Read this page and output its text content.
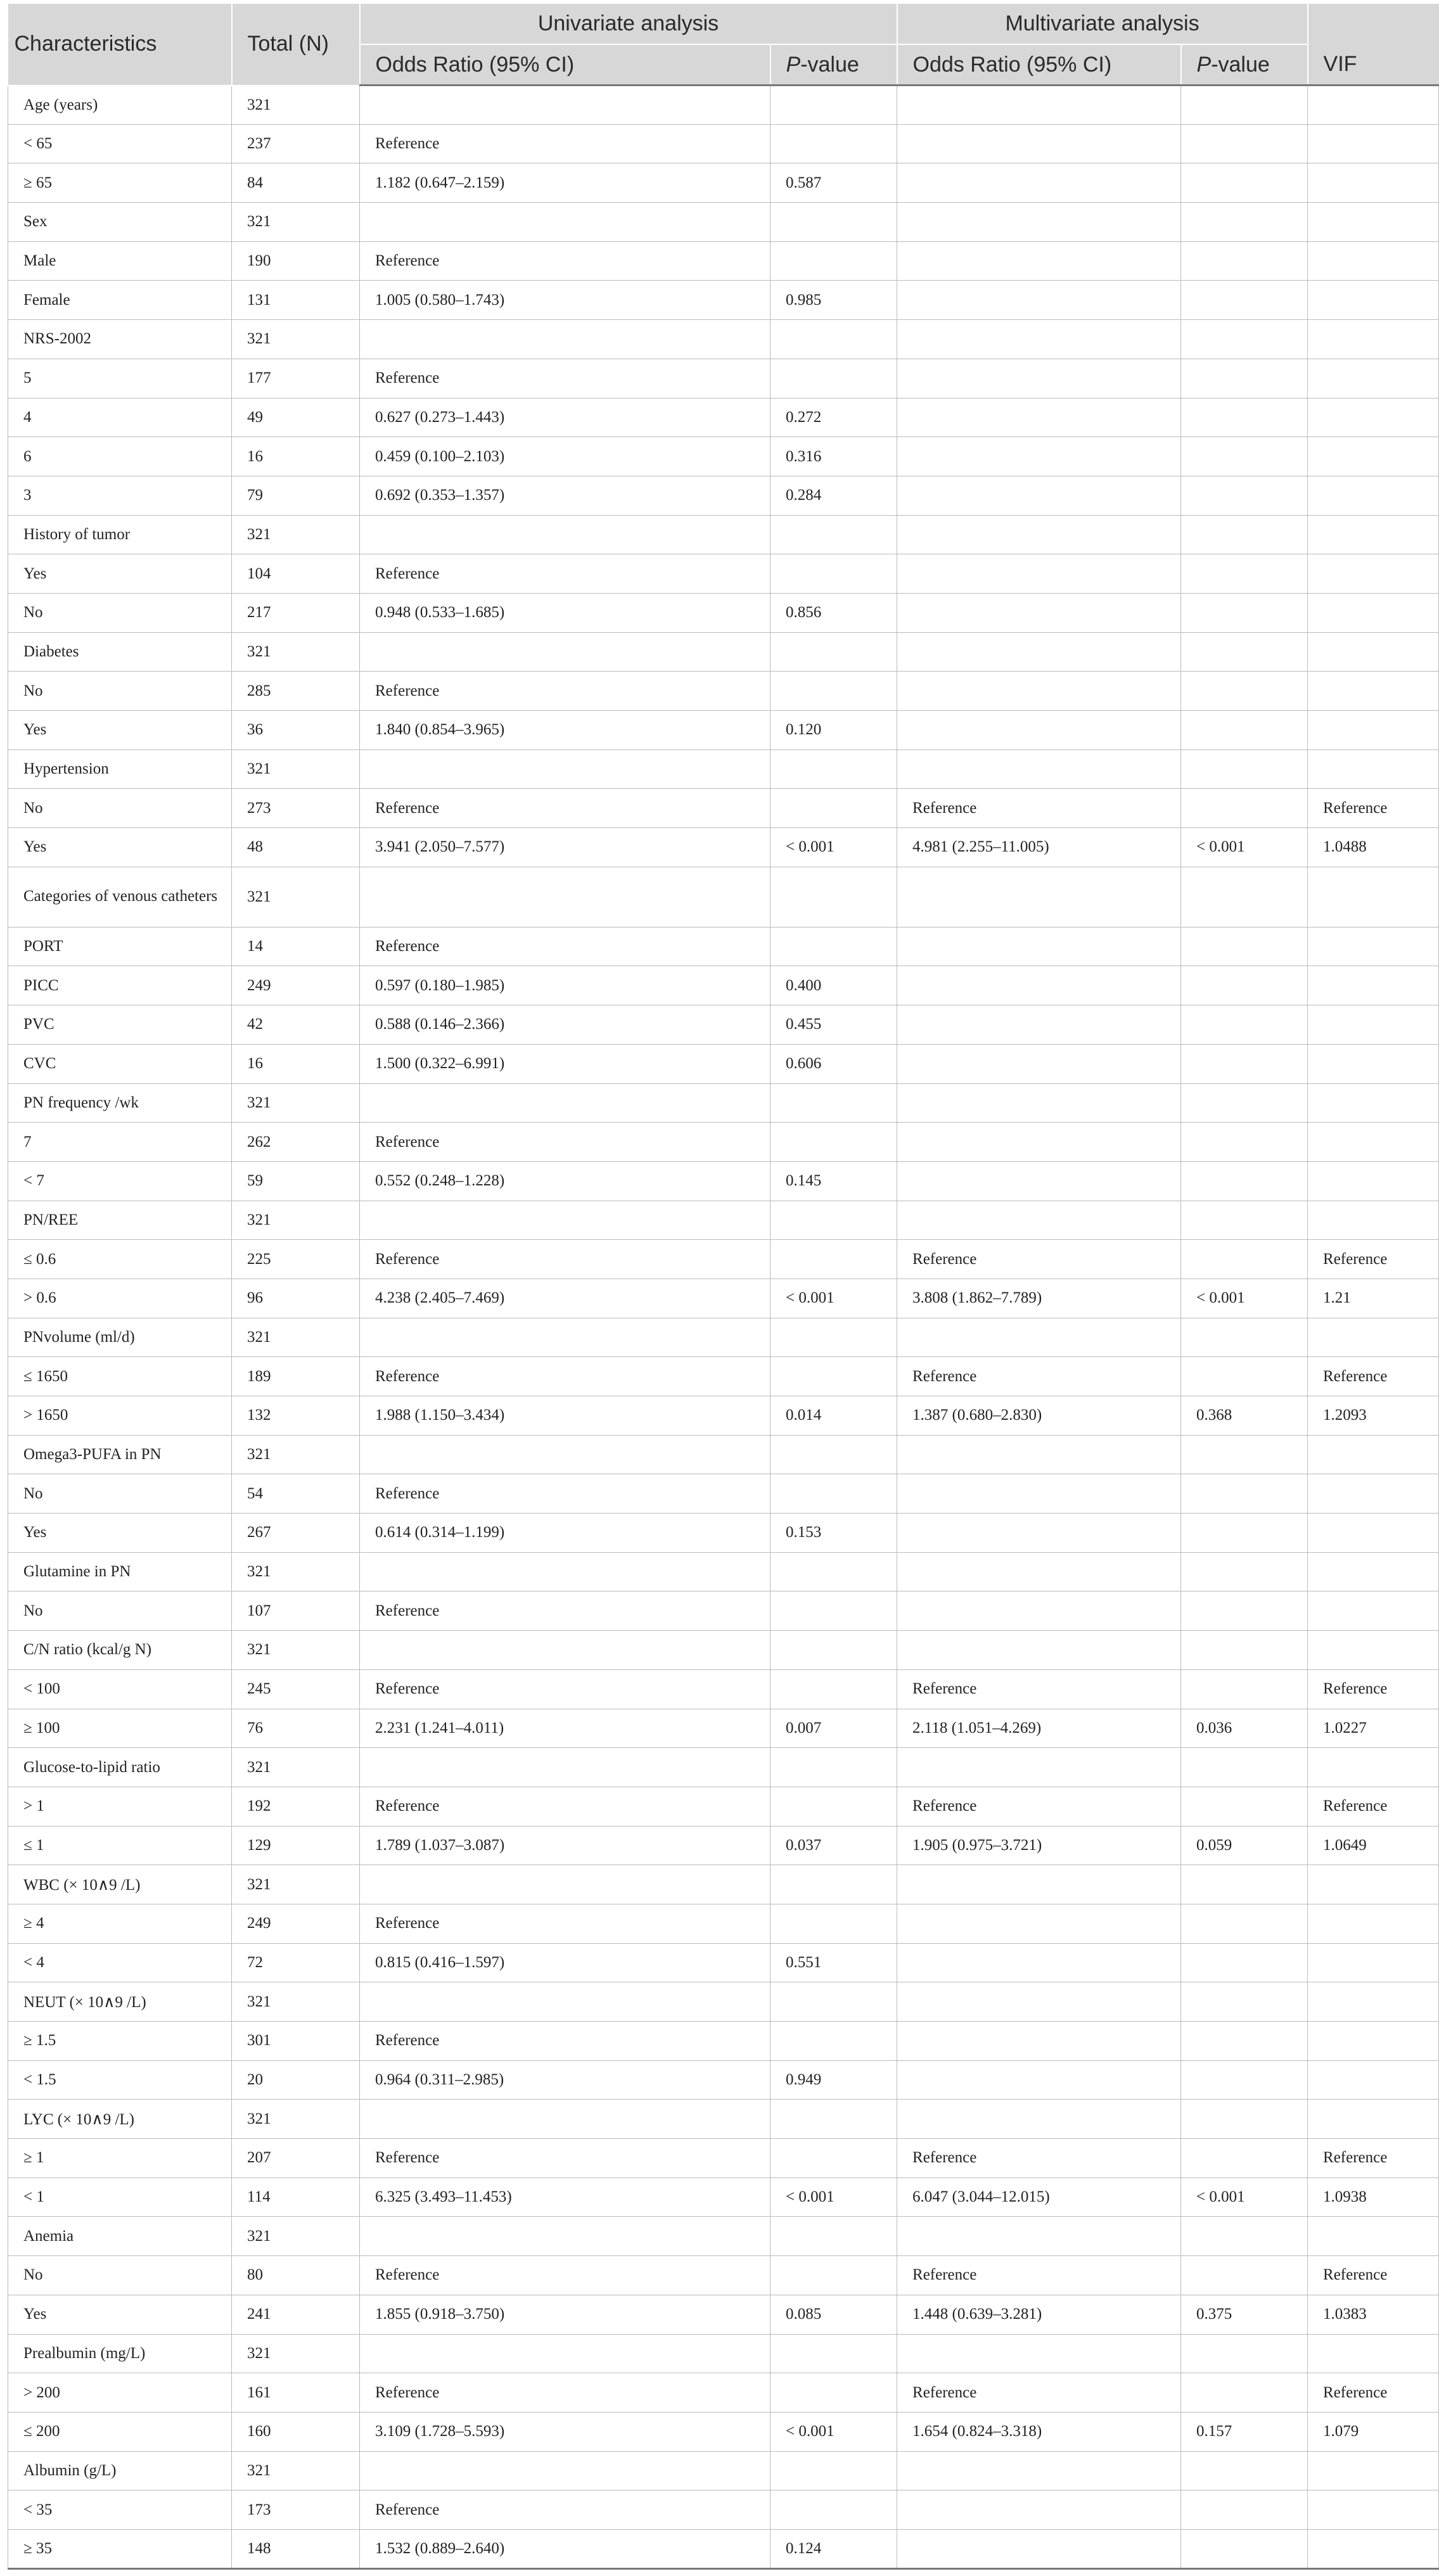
Characteristics	Total (N)	Univariate analysis		Multivariate analysis		
		Odds Ratio (95% CI)	P-value	Odds Ratio (95% CI)	P-value	VIF
Age (years)	321					
< 65	237	Reference				
≥ 65	84	1.182 (0.647–2.159)	0.587			
Sex	321					
Male	190	Reference				
Female	131	1.005 (0.580–1.743)	0.985			
NRS-2002	321					
5	177	Reference				
4	49	0.627 (0.273–1.443)	0.272			
6	16	0.459 (0.100–2.103)	0.316			
3	79	0.692 (0.353–1.357)	0.284			
History of tumor	321					
Yes	104	Reference				
No	217	0.948 (0.533–1.685)	0.856			
Diabetes	321					
No	285	Reference				
Yes	36	1.840 (0.854–3.965)	0.120			
Hypertension	321					
No	273	Reference		Reference		Reference
Yes	48	3.941 (2.050–7.577)	< 0.001	4.981 (2.255–11.005)	< 0.001	1.0488
Categories of venous catheters	321					
PORT	14	Reference				
PICC	249	0.597 (0.180–1.985)	0.400			
PVC	42	0.588 (0.146–2.366)	0.455			
CVC	16	1.500 (0.322–6.991)	0.606			
PN frequency /wk	321					
7	262	Reference				
< 7	59	0.552 (0.248–1.228)	0.145			
PN/REE	321					
≤ 0.6	225	Reference		Reference		Reference
> 0.6	96	4.238 (2.405–7.469)	< 0.001	3.808 (1.862–7.789)	< 0.001	1.21
PNvolume (ml/d)	321					
≤ 1650	189	Reference		Reference		Reference
> 1650	132	1.988 (1.150–3.434)	0.014	1.387 (0.680–2.830)	0.368	1.2093
Omega3-PUFA in PN	321					
No	54	Reference				
Yes	267	0.614 (0.314–1.199)	0.153			
Glutamine in PN	321					
No	107	Reference				
C/N ratio (kcal/g N)	321					
< 100	245	Reference		Reference		Reference
≥ 100	76	2.231 (1.241–4.011)	0.007	2.118 (1.051–4.269)	0.036	1.0227
Glucose-to-lipid ratio	321					
> 1	192	Reference		Reference		Reference
≤ 1	129	1.789 (1.037–3.087)	0.037	1.905 (0.975–3.721)	0.059	1.0649
WBC (× 10∧9 /L)	321					
≥ 4	249	Reference				
< 4	72	0.815 (0.416–1.597)	0.551			
NEUT (× 10∧9 /L)	321					
≥ 1.5	301	Reference				
< 1.5	20	0.964 (0.311–2.985)	0.949			
LYC (× 10∧9 /L)	321					
≥ 1	207	Reference		Reference		Reference
< 1	114	6.325 (3.493–11.453)	< 0.001	6.047 (3.044–12.015)	< 0.001	1.0938
Anemia	321					
No	80	Reference		Reference		Reference
Yes	241	1.855 (0.918–3.750)	0.085	1.448 (0.639–3.281)	0.375	1.0383
Prealbumin (mg/L)	321					
> 200	161	Reference		Reference		Reference
≤ 200	160	3.109 (1.728–5.593)	< 0.001	1.654 (0.824–3.318)	0.157	1.079
Albumin (g/L)	321					
< 35	173	Reference				
≥ 35	148	1.532 (0.889–2.640)	0.124			
